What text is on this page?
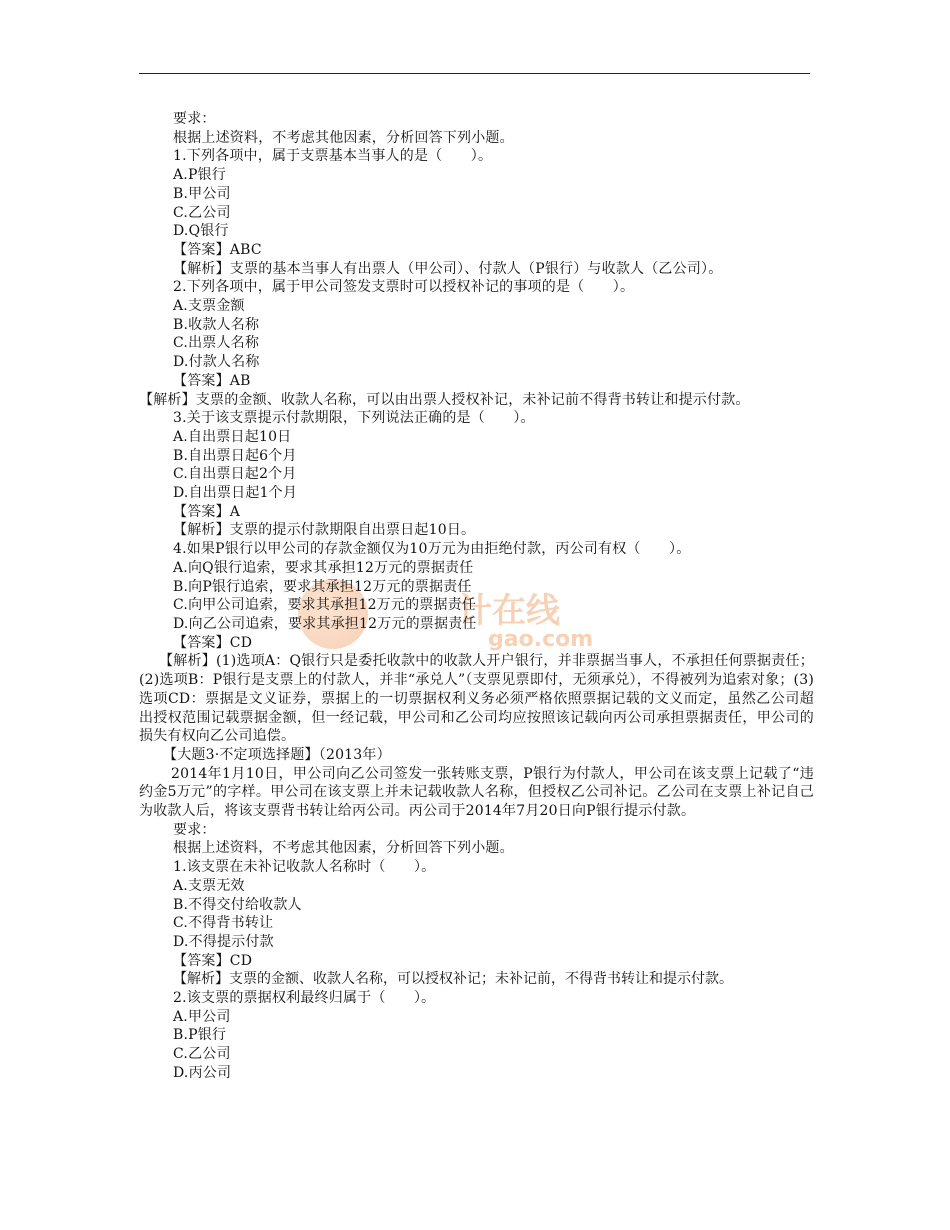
计在线
gao.com
要求：
根据上述资料，不考虑其他因素，分析回答下列小题。
1.下列各项中，属于支票基本当事人的是（　　）。
A.P银行
B.甲公司
C.乙公司
D.Q银行
【答案】ABC
【解析】支票的基本当事人有出票人（甲公司）、付款人（P银行）与收款人（乙公司）。
2.下列各项中，属于甲公司签发支票时可以授权补记的事项的是（　　）。
A.支票金额
B.收款人名称
C.出票人名称
D.付款人名称
【答案】AB
【解析】支票的金额、收款人名称，可以由出票人授权补记，未补记前不得背书转让和提示付款。
3.关于该支票提示付款期限，下列说法正确的是（　　）。
A.自出票日起10日
B.自出票日起6个月
C.自出票日起2个月
D.自出票日起1个月
【答案】A
【解析】支票的提示付款期限自出票日起10日。
4.如果P银行以甲公司的存款金额仅为10万元为由拒绝付款，丙公司有权（　　）。
A.向Q银行追索，要求其承担12万元的票据责任
B.向P银行追索，要求其承担12万元的票据责任
C.向甲公司追索，要求其承担12万元的票据责任
D.向乙公司追索，要求其承担12万元的票据责任
【答案】CD
【解析】(1)选项A：Q银行只是委托收款中的收款人开户银行，并非票据当事人，不承担任何票据责任；(2)选项B：P银行是支票上的付款人，并非“承兑人”（支票见票即付，无须承兑），不得被列为追索对象；(3)选项CD：票据是文义证券，票据上的一切票据权利义务必须严格依照票据记载的文义而定，虽然乙公司超出授权范围记载票据金额，但一经记载，甲公司和乙公司均应按照该记载向丙公司承担票据责任，甲公司的损失有权向乙公司追偿。
【大题3·不定项选择题】（2013年）
2014年1月10日，甲公司向乙公司签发一张转账支票，P银行为付款人，甲公司在该支票上记载了“违约金5万元”的字样。甲公司在该支票上并未记载收款人名称，但授权乙公司补记。乙公司在支票上补记自己为收款人后，将该支票背书转让给丙公司。丙公司于2014年7月20日向P银行提示付款。
要求：
根据上述资料，不考虑其他因素，分析回答下列小题。
1.该支票在未补记收款人名称时（　　）。
A.支票无效
B.不得交付给收款人
C.不得背书转让
D.不得提示付款
【答案】CD
【解析】支票的金额、收款人名称，可以授权补记；未补记前，不得背书转让和提示付款。
2.该支票的票据权利最终归属于（　　）。
A.甲公司
B.P银行
C.乙公司
D.丙公司
